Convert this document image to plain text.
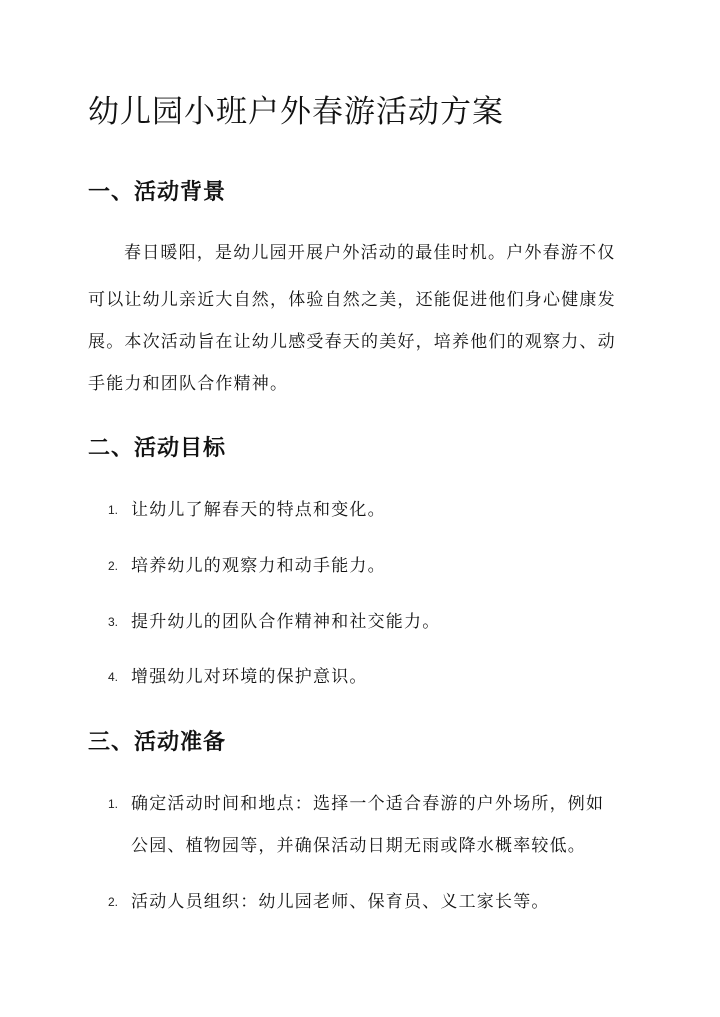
幼儿园小班户外春游活动方案
一、活动背景

春日暖阳，是幼儿园开展户外活动的最佳时机。户外春游不仅

可以让幼儿亲近大自然，体验自然之美，还能促进他们身心健康发

展。本次活动旨在让幼儿感受春天的美好，培养他们的观察力、动

手能力和团队合作精神。

二、活动目标
1. 让幼儿了解春天的特点和变化。
2. 培养幼儿的观察力和动手能力。
3. 提升幼儿的团队合作精神和社交能力。
4. 增强幼儿对环境的保护意识。
三、活动准备
1. 确定活动时间和地点：选择一个适合春游的户外场所，例如

公园、植物园等，并确保活动日期无雨或降水概率较低。

2. 活动人员组织：幼儿园老师、保育员、义工家长等。
